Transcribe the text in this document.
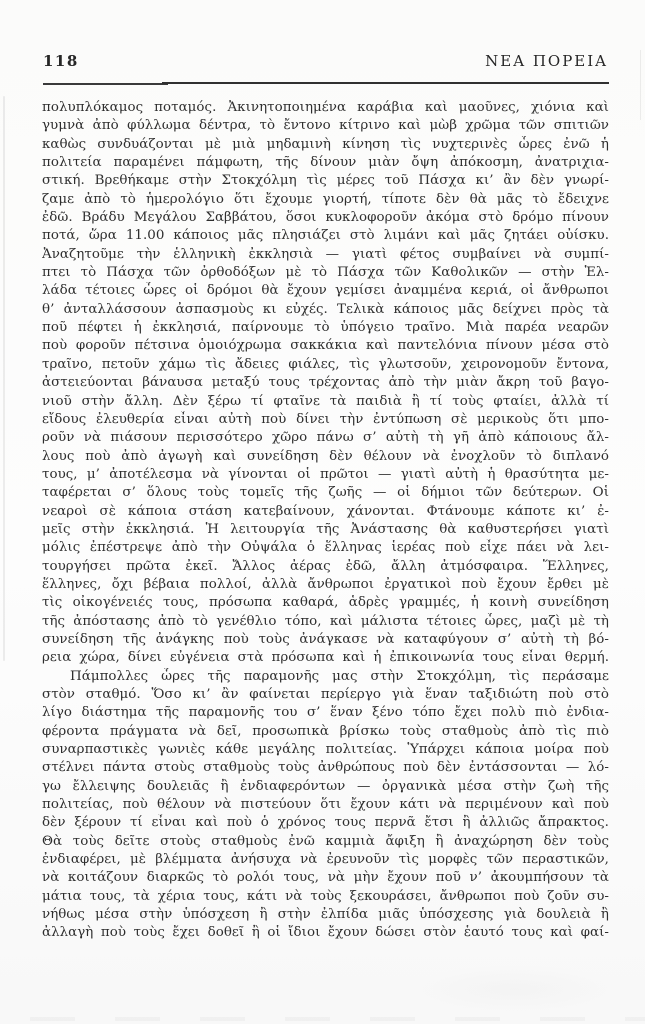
118	ΝΕΑ ΠΟΡΕΙΑ
πολυπλόκαμος ποταμός. Ἀκινητοποιημένα καράβια καὶ μαοῦνες, χιόνια καὶ
γυμνὰ ἀπὸ φύλλωμα δέντρα, τὸ ἔντονο κίτρινο καὶ μὼβ χρῶμα τῶν σπιτιῶν
καθὼς συνδυάζονται μὲ μιὰ μηδαμινὴ κίνηση τὶς νυχτερινὲς ὧρες ἐνῶ ἡ
πολιτεία παραμένει πάμφωτη, τῆς δίνουν μιὰν ὄψη ἀπόκοσμη, ἀνατριχια-
στική. Βρεθήκαμε στὴν Στοκχόλμη τὶς μέρες τοῦ Πάσχα κι’ ἂν δὲν γνωρί-
ζαμε ἀπὸ τὸ ἡμερολόγιο ὅτι ἔχουμε γιορτή, τίποτε δὲν θὰ μᾶς τὸ ἔδειχνε
ἐδῶ. Βράδυ Μεγάλου Σαββάτου, ὅσοι κυκλοφοροῦν ἀκόμα στὸ δρόμο πίνουν
ποτά, ὥρα 11.00 κάποιος μᾶς πλησιάζει στὸ λιμάνι καὶ μᾶς ζητάει οὐίσκυ.
Ἀναζητοῦμε τὴν ἑλληνικὴ ἐκκλησιὰ — γιατὶ φέτος συμβαίνει νὰ συμπί-
πτει τὸ Πάσχα τῶν ὀρθοδόξων μὲ τὸ Πάσχα τῶν Καθολικῶν — στὴν Ἑλ-
λάδα τέτοιες ὧρες οἱ δρόμοι θὰ ἔχουν γεμίσει ἀναμμένα κεριά, οἱ ἄνθρωποι
θ’ ἀνταλλάσσουν ἀσπασμοὺς κι εὐχές. Τελικὰ κάποιος μᾶς δείχνει πρὸς τὰ
ποῦ πέφτει ἡ ἐκκλησιά, παίρνουμε τὸ ὑπόγειο τραῖνο. Μιὰ παρέα νεαρῶν
ποὺ φοροῦν πέτσινα ὁμοιόχρωμα σακκάκια καὶ παντελόνια πίνουν μέσα στὸ
τραῖνο, πετοῦν χάμω τὶς ἄδειες φιάλες, τὶς γλωτσοῦν, χειρονομοῦν ἔντονα,
ἀστειεύονται βάναυσα μεταξύ τους τρέχοντας ἀπὸ τὴν μιὰν ἄκρη τοῦ βαγο-
νιοῦ στὴν ἄλλη. Δὲν ξέρω τί φταῖνε τὰ παιδιὰ ἢ τί τοὺς φταίει, ἀλλὰ τί
εἴδους ἐλευθερία εἶναι αὐτὴ ποὺ δίνει τὴν ἐντύπωση σὲ μερικοὺς ὅτι μπο-
ροῦν νὰ πιάσουν περισσότερο χῶρο πάνω σ’ αὐτὴ τὴ γῆ ἀπὸ κάποιους ἄλ-
λους ποὺ ἀπὸ ἀγωγὴ καὶ συνείδηση δὲν θέλουν νὰ ἐνοχλοῦν τὸ διπλανό
τους, μ’ ἀποτέλεσμα νὰ γίνονται οἱ πρῶτοι — γιατὶ αὐτὴ ἡ θρασύτητα με-
ταφέρεται σ’ ὅλους τοὺς τομεῖς τῆς ζωῆς — οἱ δήμιοι τῶν δεύτερων. Οἱ
νεαροὶ σὲ κάποια στάση κατεβαίνουν, χάνονται. Φτάνουμε κάποτε κι’ ἐ-
μεῖς στὴν ἐκκλησιά. Ἡ λειτουργία τῆς Ἀνάστασης θὰ καθυστερήσει γιατὶ
μόλις ἐπέστρεψε ἀπὸ τὴν Οὐψάλα ὁ ἕλληνας ἱερέας ποὺ εἶχε πάει νὰ λει-
τουργήσει πρῶτα ἐκεῖ. Ἄλλος ἀέρας ἐδῶ, ἄλλη ἀτμόσφαιρα. Ἕλληνες,
ἕλληνες, ὄχι βέβαια πολλοί, ἀλλὰ ἄνθρωποι ἐργατικοὶ ποὺ ἔχουν ἔρθει μὲ
τὶς οἰκογένειές τους, πρόσωπα καθαρά, ἁδρὲς γραμμές, ἡ κοινὴ συνείδηση
τῆς ἀπόστασης ἀπὸ τὸ γενέθλιο τόπο, καὶ μάλιστα τέτοιες ὧρες, μαζὶ μὲ τὴ
συνείδηση τῆς ἀνάγκης ποὺ τοὺς ἀνάγκασε νὰ καταφύγουν σ’ αὐτὴ τὴ βό-
ρεια χώρα, δίνει εὐγένεια στὰ πρόσωπα καὶ ἡ ἐπικοινωνία τους εἶναι θερμή.
Πάμπολλες ὧρες τῆς παραμονῆς μας στὴν Στοκχόλμη, τὶς περάσαμε
στὸν σταθμό. Ὅσο κι’ ἂν φαίνεται περίεργο γιὰ ἕναν ταξιδιώτη ποὺ στὸ
λίγο διάστημα τῆς παραμονῆς του σ’ ἕναν ξένο τόπο ἔχει πολὺ πιὸ ἐνδια-
φέροντα πράγματα νὰ δεῖ, προσωπικὰ βρίσκω τοὺς σταθμοὺς ἀπὸ τὶς πιὸ
συναρπαστικὲς γωνιὲς κάθε μεγάλης πολιτείας. Ὑπάρχει κάποια μοίρα ποὺ
στέλνει πάντα στοὺς σταθμοὺς τοὺς ἀνθρώπους ποὺ δὲν ἐντάσσονται — λό-
γω ἔλλειψης δουλειᾶς ἢ ἐνδιαφερόντων — ὀργανικὰ μέσα στὴν ζωὴ τῆς
πολιτείας, ποὺ θέλουν νὰ πιστεύουν ὅτι ἔχουν κάτι νὰ περιμένουν καὶ ποὺ
δὲν ξέρουν τί εἶναι καὶ ποὺ ὁ χρόνος τους περνᾶ ἔτσι ἢ ἀλλιῶς ἄπρακτος.
Θὰ τοὺς δεῖτε στοὺς σταθμοὺς ἐνῶ καμμιὰ ἄφιξη ἢ ἀναχώρηση δὲν τοὺς
ἐνδιαφέρει, μὲ βλέμματα ἀνήσυχα νὰ ἐρευνοῦν τὶς μορφὲς τῶν περαστικῶν,
νὰ κοιτάζουν διαρκῶς τὸ ρολόι τους, νὰ μὴν ἔχουν ποῦ ν’ ἀκουμπήσουν τὰ
μάτια τους, τὰ χέρια τους, κάτι νὰ τοὺς ξεκουράσει, ἄνθρωποι ποὺ ζοῦν συ-
νήθως μέσα στὴν ὑπόσχεση ἢ στὴν ἐλπίδα μιᾶς ὑπόσχεσης γιὰ δουλειὰ ἢ
ἀλλαγὴ ποὺ τοὺς ἔχει δοθεῖ ἢ οἱ ἴδιοι ἔχουν δώσει στὸν ἑαυτό τους καὶ φαί-
